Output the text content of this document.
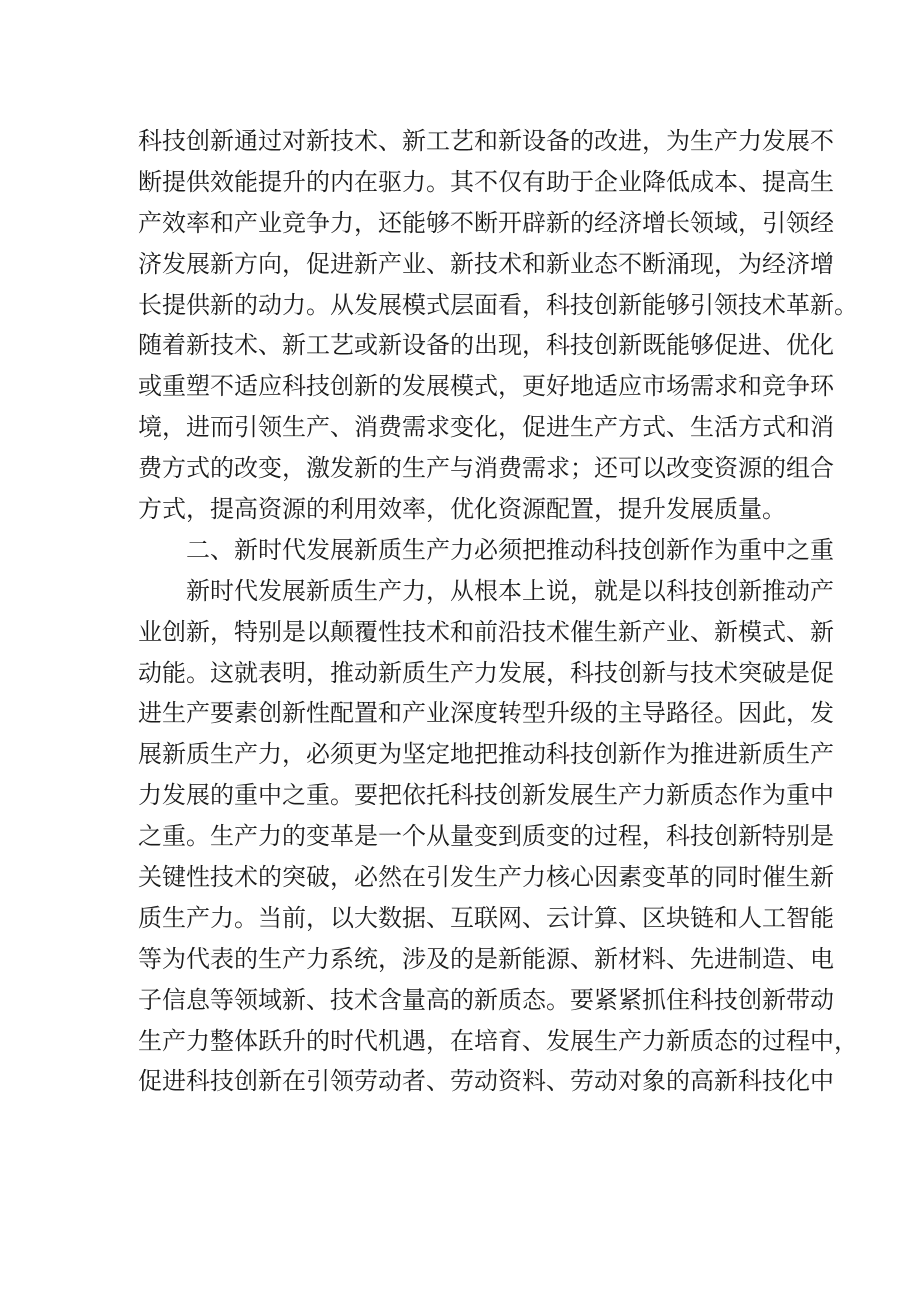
科技创新通过对新技术、新工艺和新设备的改进，为生产力发展不
断提供效能提升的内在驱力。其不仅有助于企业降低成本、提高生
产效率和产业竞争力，还能够不断开辟新的经济增长领域，引领经
济发展新方向，促进新产业、新技术和新业态不断涌现，为经济增
长提供新的动力。从发展模式层面看，科技创新能够引领技术革新。
随着新技术、新工艺或新设备的出现，科技创新既能够促进、优化
或重塑不适应科技创新的发展模式，更好地适应市场需求和竞争环
境，进而引领生产、消费需求变化，促进生产方式、生活方式和消
费方式的改变，激发新的生产与消费需求；还可以改变资源的组合
方式，提高资源的利用效率，优化资源配置，提升发展质量。
二、新时代发展新质生产力必须把推动科技创新作为重中之重
新时代发展新质生产力，从根本上说，就是以科技创新推动产
业创新，特别是以颠覆性技术和前沿技术催生新产业、新模式、新
动能。这就表明，推动新质生产力发展，科技创新与技术突破是促
进生产要素创新性配置和产业深度转型升级的主导路径。因此，发
展新质生产力，必须更为坚定地把推动科技创新作为推进新质生产
力发展的重中之重。要把依托科技创新发展生产力新质态作为重中
之重。生产力的变革是一个从量变到质变的过程，科技创新特别是
关键性技术的突破，必然在引发生产力核心因素变革的同时催生新
质生产力。当前，以大数据、互联网、云计算、区块链和人工智能
等为代表的生产力系统，涉及的是新能源、新材料、先进制造、电
子信息等领域新、技术含量高的新质态。要紧紧抓住科技创新带动
生产力整体跃升的时代机遇，在培育、发展生产力新质态的过程中，
促进科技创新在引领劳动者、劳动资料、劳动对象的高新科技化中
